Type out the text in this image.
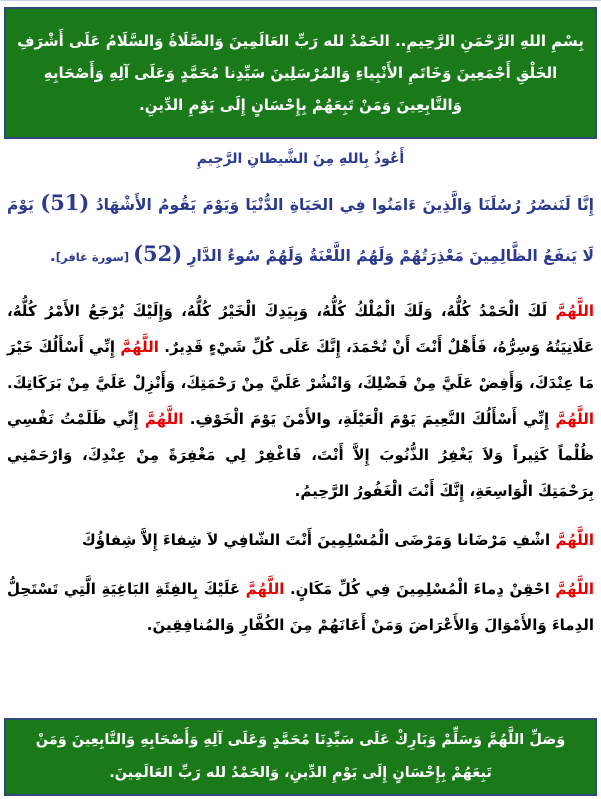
بِسْمِ اللهِ الرَّحْمَنِ الرَّحِيمِ.. الحَمْدُ لله رَبِّ العَالَمِينَ وَالصَّلَاةُ وَالسَّلَامُ عَلَى أَشْرَفِ الخَلْقِ أَجْمَعِينَ وَخَاتَمِ الأَنْبِياءِ وَالمُرْسَلِينَ سَيِّدِنا مُحَمَّدٍ وَعَلَى آلِهِ وَأَصْحَابِهِ وَالتَّابِعِينَ وَمَنْ تَبِعَهُمْ بِإِحْسَانٍ إِلَى يَوْمِ الدِّينِ.
أَعُوذُ بِاللهِ مِنَ الشَّيطانِ الرَّجِيمِ
إِنَّا لَنَنصُرُ رُسُلَنَا وَالَّذِينَ ءَامَنُوا فِي الحَيَاةِ الدُّنْيَا وَيَوْمَ يَقُومُ الأَشْهَادُ (51) يَوْمَ لَا يَنفَعُ الظَّالِمِينَ مَعْذِرَتُهُمْ وَلَهُمُ اللَّعْنَةُ وَلَهُمْ سُوءُ الدَّارِ (52) [سورة غافر].
اللَّهُمَّ لَكَ الْحَمْدُ كُلُّهُ، وَلَكَ الْمُلْكُ كُلُّهُ، وَبِيَدِكَ الْخَيْرُ كُلُّهُ، وَإِلَيْكَ يُرْجَعُ الأَمْرُ كُلُّهُ، عَلَانِيَتُهُ وَسِرُّهُ، فَأَهْلٌ أَنْتَ أَنْ تُحْمَدَ، إِنَّكَ عَلَى كُلِّ شَيْءٍ قَدِيرٌ. اللَّهُمَّ إِنِّي أَسْأَلُكَ خَيْرَ مَا عِنْدَكَ، وَأَفِضْ عَلَيَّ مِنْ فَضْلِكَ، وَانْشُرْ عَلَيَّ مِنْ رَحْمَتِكَ، وَأَنْزِلْ عَلَيَّ مِنْ بَرَكَاتِكَ. اللَّهُمَّ إِنِّي أَسْأَلُكَ النَّعِيمَ يَوْمَ الْعَيْلَةِ، والأَمْنَ يَوْمَ الْخَوْفِ. اللَّهُمَّ إِنِّي ظَلَمْتُ نَفْسِي ظُلْماً كَثِيراً وَلاَ يَغْفِرُ الذُّنُوبَ إِلاَّ أَنْتَ، فَاغْفِرْ لِي مَغْفِرَةً مِنْ عِنْدِكَ، وَارْحَمْنِي بِرَحْمَتِكَ الْوَاسِعَةِ، إِنَّكَ أَنْتَ الْغَفُورُ الرَّحِيمُ.
اللَّهُمَّ اشْفِ مَرْضَانا وَمَرْضَى الْمُسْلِمِينَ أَنْتَ الشّافِي لاَ شِفاءَ إِلاَّ شِفاؤُكَ
اللَّهُمَّ احْقِنْ دِماءَ الْمُسْلِمِينَ فِي كُلِّ مَكَانٍ. اللَّهُمَّ عَلَيْكَ بِالفِئَةِ البَاغِيَةِ الَّتِي تَسْتَحِلُّ الدِماءَ وَالأَمْوَالَ وَالأَعْرَاضَ وَمَنْ أَعَانَهُمْ مِنَ الكُفَّارِ وَالمُنافِقِينَ.
وَصَلِّ اللَّهُمَّ وَسَلِّمْ وَبَارِكْ عَلَى سَيِّدِنَا مُحَمَّدٍ وَعَلَى آلِهِ وَأَصْحَابِهِ وَالتَّابِعِينَ وَمَنْ تَبِعَهُمْ بِإِحْسَانٍ إِلَى يَوْمِ الدِّينِ، وَالحَمْدُ لله رَبِّ العَالَمِينَ.
